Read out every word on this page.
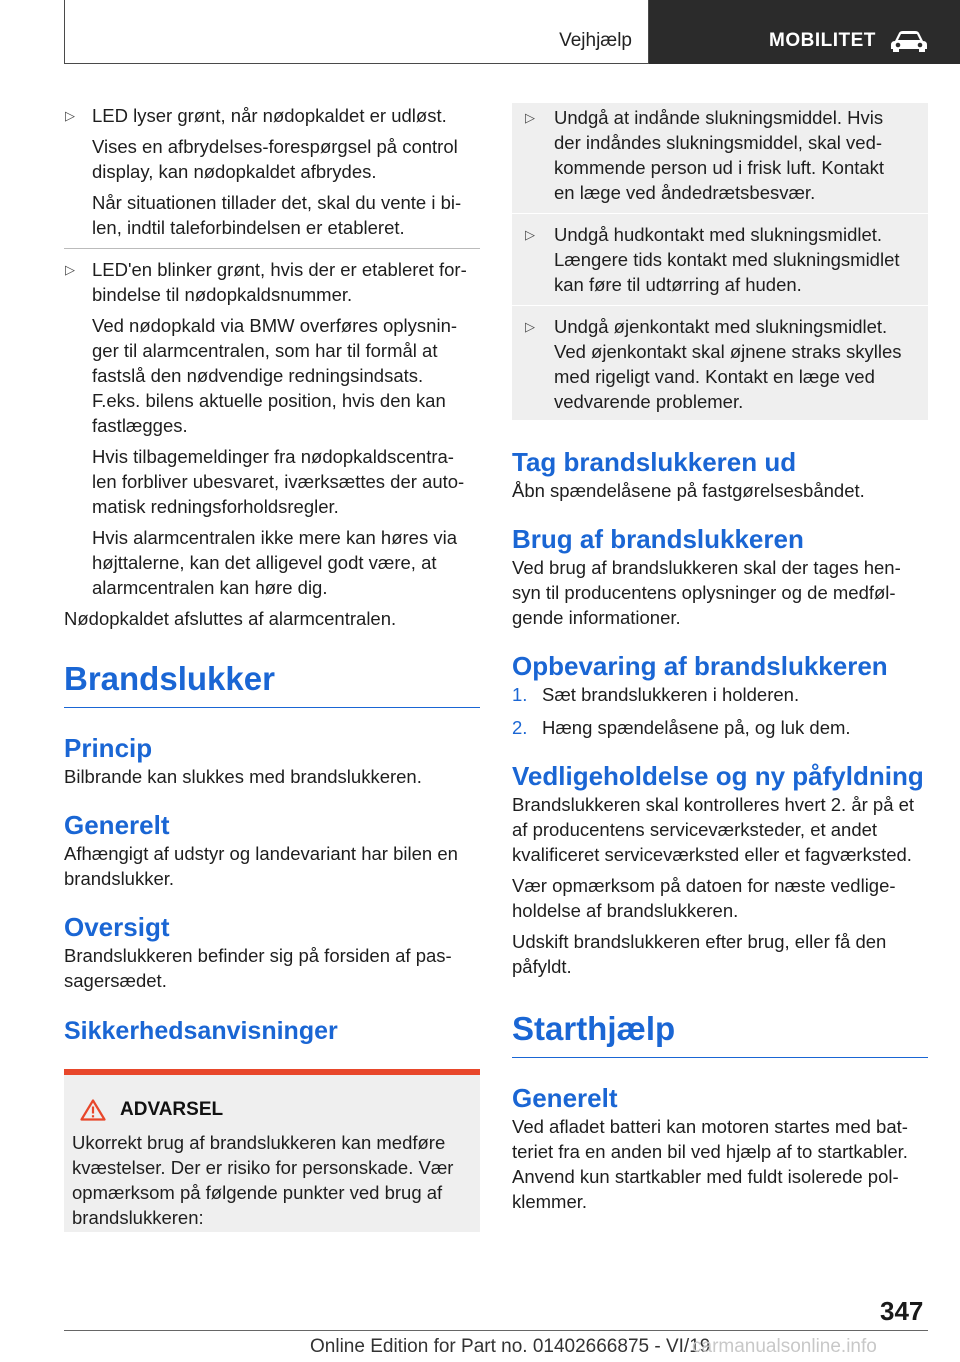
Vejhjælp	MOBILITET
▷ LED lyser grønt, når nødopkaldet er udløst.
Vises en afbrydelses-forespørgsel på control
display, kan nødopkaldet afbrydes.
Når situationen tillader det, skal du vente i bi-
len, indtil taleforbindelsen er etableret.
▷ LED'en blinker grønt, hvis der er etableret for-
bindelse til nødopkaldsnummer.
Ved nødopkald via BMW overføres oplysnin-
ger til alarmcentralen, som har til formål at
fastslå den nødvendige redningsindsats.
F.eks. bilens aktuelle position, hvis den kan
fastlægges.
Hvis tilbagemeldinger fra nødopkaldscentra-
len forbliver ubesvaret, iværksættes der auto-
matisk redningsforholdsregler.
Hvis alarmcentralen ikke mere kan høres via
højttalerne, kan det alligevel godt være, at
alarmcentralen kan høre dig.

Nødopkaldet afsluttes af alarmcentralen.

Brandslukker
Princip

Bilbrande kan slukkes med brandslukkeren.

Generelt
Afhængigt af udstyr og landevariant har bilen en
brandslukker.
Oversigt
Brandslukkeren befinder sig på forsiden af pas-
sagersædet.
Sikkerhedsanvisninger
ADVARSEL
Ukorrekt brug af brandslukkeren kan medføre
kvæstelser. Der er risiko for personskade. Vær
opmærksom på følgende punkter ved brug af
brandslukkeren:
▷ Undgå at indånde slukningsmiddel. Hvis
der indåndes slukningsmiddel, skal ved-
kommende person ud i frisk luft. Kontakt
en læge ved åndedrætsbesvær.
▷ Undgå hudkontakt med slukningsmidlet.
Længere tids kontakt med slukningsmidlet
kan føre til udtørring af huden.
▷ Undgå øjenkontakt med slukningsmidlet.
Ved øjenkontakt skal øjnene straks skylles
med rigeligt vand. Kontakt en læge ved
vedvarende problemer.
Tag brandslukkeren ud

Åbn spændelåsene på fastgørelsesbåndet.

Brug af brandslukkeren
Ved brug af brandslukkeren skal der tages hen-
syn til producentens oplysninger og de medføl-
gende informationer.
Opbevaring af brandslukkeren
1. Sæt brandslukkeren i holderen.
2. Hæng spændelåsene på, og luk dem.
Vedligeholdelse og ny påfyldning
Brandslukkeren skal kontrolleres hvert 2. år på et
af producentens serviceværksteder, et andet
kvalificeret serviceværksted eller et fagværksted.
Vær opmærksom på datoen for næste vedlige-
holdelse af brandslukkeren.
Udskift brandslukkeren efter brug, eller få den
påfyldt.
Starthjælp
Generelt
Ved afladet batteri kan motoren startes med bat-
teriet fra en anden bil ved hjælp af to startkabler.
Anvend kun startkabler med fuldt isolerede pol-
klemmer.
347
Online Edition for Part no. 01402666875 - VI/19
carmanualsonline.info
